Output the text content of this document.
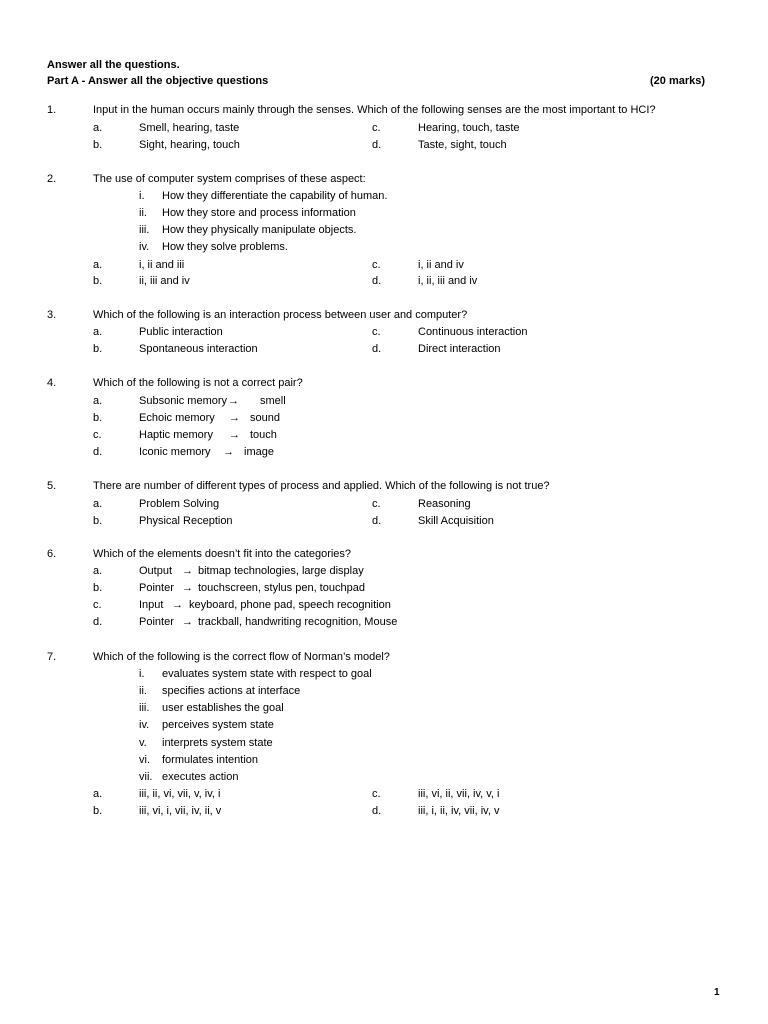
Answer all the questions.
Part A - Answer all the objective questions	(20 marks)
1.	Input in the human occurs mainly through the senses. Which of the following senses are the most important to HCI?
a.	Smell, hearing, taste	c.	Hearing, touch, taste
b.	Sight, hearing, touch	d.	Taste, sight, touch
2.	The use of computer system comprises of these aspect:
i. How they differentiate the capability of human.
ii. How they store and process information
iii. How they physically manipulate objects.
iv. How they solve problems.
a.	i, ii and iii	c.	i, ii and iv
b.	ii, iii and iv	d.	i, ii, iii and iv
3.	Which of the following is an interaction process between user and computer?
a.	Public interaction	c.	Continuous interaction
b.	Spontaneous interaction	d.	Direct interaction
4.	Which of the following is not a correct pair?
a.	Subsonic memory → smell
b.	Echoic memory → sound
c.	Haptic memory → touch
d.	Iconic memory → image
5.	There are number of different types of process and applied. Which of the following is not true?
a.	Problem Solving	c.	Reasoning
b.	Physical Reception	d.	Skill Acquisition
6.	Which of the elements doesn’t fit into the categories?
a.	Output → bitmap technologies, large display
b.	Pointer → touchscreen, stylus pen, touchpad
c.	Input → keyboard, phone pad, speech recognition
d.	Pointer → trackball, handwriting recognition, Mouse
7.	Which of the following is the correct flow of Norman’s model?
i. evaluates system state with respect to goal
ii. specifies actions at interface
iii. user establishes the goal
iv. perceives system state
v. interprets system state
vi. formulates intention
vii. executes action
a.	iii, ii, vi, vii, v, iv, i	c.	iii, vi, ii, vii, iv, v, i
b.	iii, vi, i, vii, iv, ii, v	d.	iii, i, ii, iv, vii, iv, v
1
